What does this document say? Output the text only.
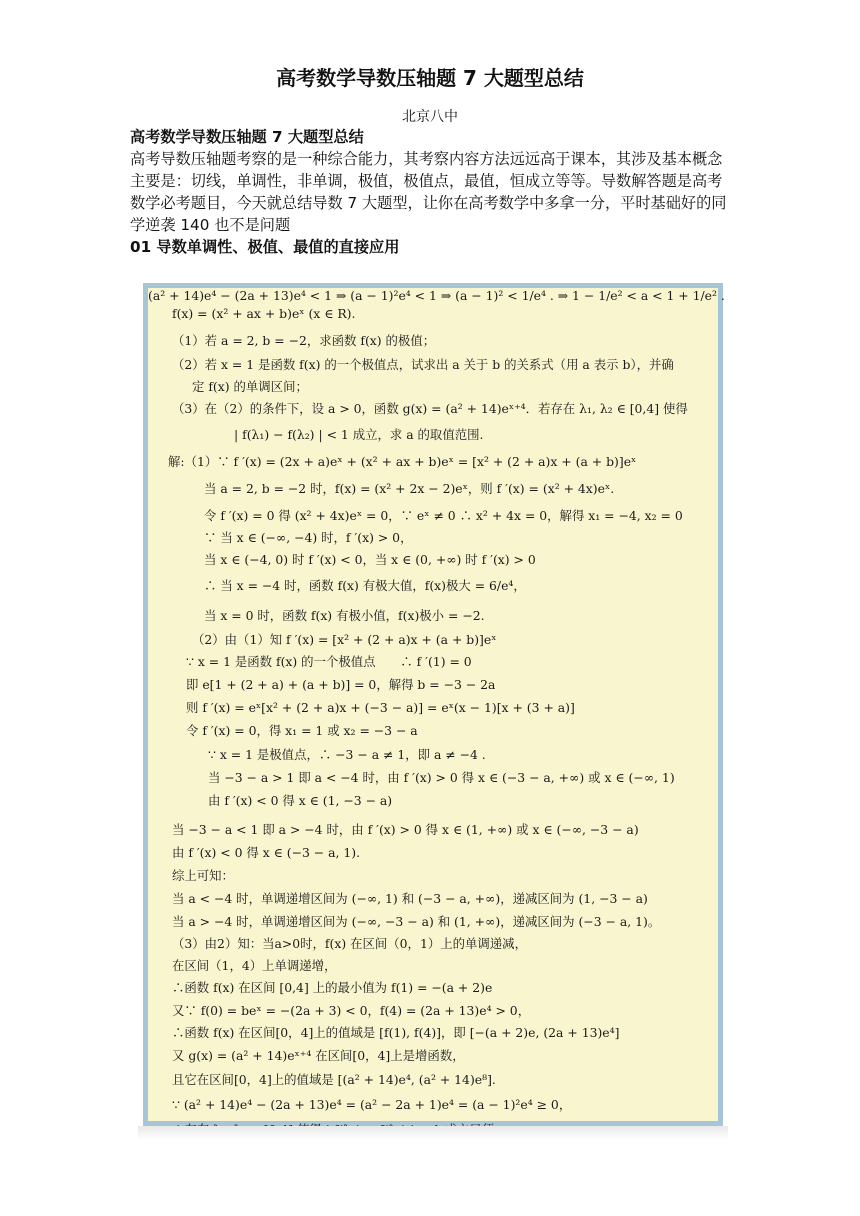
高考数学导数压轴题 7 大题型总结
北京八中

高考数学导数压轴题 7 大题型总结

高考导数压轴题考察的是一种综合能力，其考察内容方法远远高于课本，其涉及基本概念主要是：切线，单调性，非单调，极值，极值点，最值，恒成立等等。导数解答题是高考数学必考题目，今天就总结导数 7 大题型，让你在高考数学中多拿一分，平时基础好的同学逆袭 140 也不是问题

01 导数单调性、极值、最值的直接应用

f(x) = (x² + ax + b)eˣ (x ∈ R).
（1）若 a = 2, b = −2，求函数 f(x) 的极值；
（2）若 x = 1 是函数 f(x) 的一个极值点，试求出 a 关于 b 的关系式（用 a 表示 b），并确
定 f(x) 的单调区间；
（3）在（2）的条件下，设 a > 0，函数 g(x) = (a² + 14)eˣ⁺⁴．若存在 λ₁, λ₂ ∈ [0,4] 使得
| f(λ₁) − f(λ₂) | < 1 成立，求 a 的取值范围.
解:（1）∵ f ′(x) = (2x + a)eˣ + (x² + ax + b)eˣ = [x² + (2 + a)x + (a + b)]eˣ
当 a = 2, b = −2 时，f(x) = (x² + 2x − 2)eˣ，则 f ′(x) = (x² + 4x)eˣ.
令 f ′(x) = 0 得 (x² + 4x)eˣ = 0，∵ eˣ ≠ 0 ∴ x² + 4x = 0，解得 x₁ = −4, x₂ = 0
∵ 当 x ∈ (−∞, −4) 时，f ′(x) > 0，
当 x ∈ (−4, 0) 时 f ′(x) < 0，当 x ∈ (0, +∞) 时 f ′(x) > 0
∴ 当 x = −4 时，函数 f(x) 有极大值，f(x)极大 = 6/e⁴，
当 x = 0 时，函数 f(x) 有极小值，f(x)极小 = −2.
（2）由（1）知 f ′(x) = [x² + (2 + a)x + (a + b)]eˣ
∵ x = 1 是函数 f(x) 的一个极值点　　∴ f ′(1) = 0
即 e[1 + (2 + a) + (a + b)] = 0，解得 b = −3 − 2a
则 f ′(x) = eˣ[x² + (2 + a)x + (−3 − a)] = eˣ(x − 1)[x + (3 + a)]
令 f ′(x) = 0，得 x₁ = 1 或 x₂ = −3 − a
∵ x = 1 是极值点，∴ −3 − a ≠ 1，即 a ≠ −4 .
当 −3 − a > 1 即 a < −4 时，由 f ′(x) > 0 得 x ∈ (−3 − a, +∞) 或 x ∈ (−∞, 1)
由 f ′(x) < 0 得 x ∈ (1, −3 − a)
当 −3 − a < 1 即 a > −4 时，由 f ′(x) > 0 得 x ∈ (1, +∞) 或 x ∈ (−∞, −3 − a)
由 f ′(x) < 0 得 x ∈ (−3 − a, 1).
综上可知：
当 a < −4 时，单调递增区间为 (−∞, 1) 和 (−3 − a, +∞)，递减区间为 (1, −3 − a)
当 a > −4 时，单调递增区间为 (−∞, −3 − a) 和 (1, +∞)，递减区间为 (−3 − a, 1)。
（3）由2）知：当a>0时，f(x) 在区间（0，1）上的单调递减，
在区间（1，4）上单调递增，
∴函数 f(x) 在区间 [0,4] 上的最小值为 f(1) = −(a + 2)e
又∵ f(0) = beˣ = −(2a + 3) < 0，f(4) = (2a + 13)e⁴ > 0，
∴函数 f(x) 在区间[0，4]上的值域是 [f(1), f(4)]，即 [−(a + 2)e, (2a + 13)e⁴]
又 g(x) = (a² + 14)eˣ⁺⁴ 在区间[0，4]上是增函数，
且它在区间[0，4]上的值域是 [(a² + 14)e⁴, (a² + 14)e⁸].
∵ (a² + 14)e⁴ − (2a + 13)e⁴ = (a² − 2a + 1)e⁴ = (a − 1)²e⁴ ≥ 0，
(a² + 14)e⁴ − (2a + 13)e⁴ < 1 ⇒ (a − 1)²e⁴ < 1 ⇒ (a − 1)² < 1/e⁴ . ⇒ 1 − 1/e² < a < 1 + 1/e² .
